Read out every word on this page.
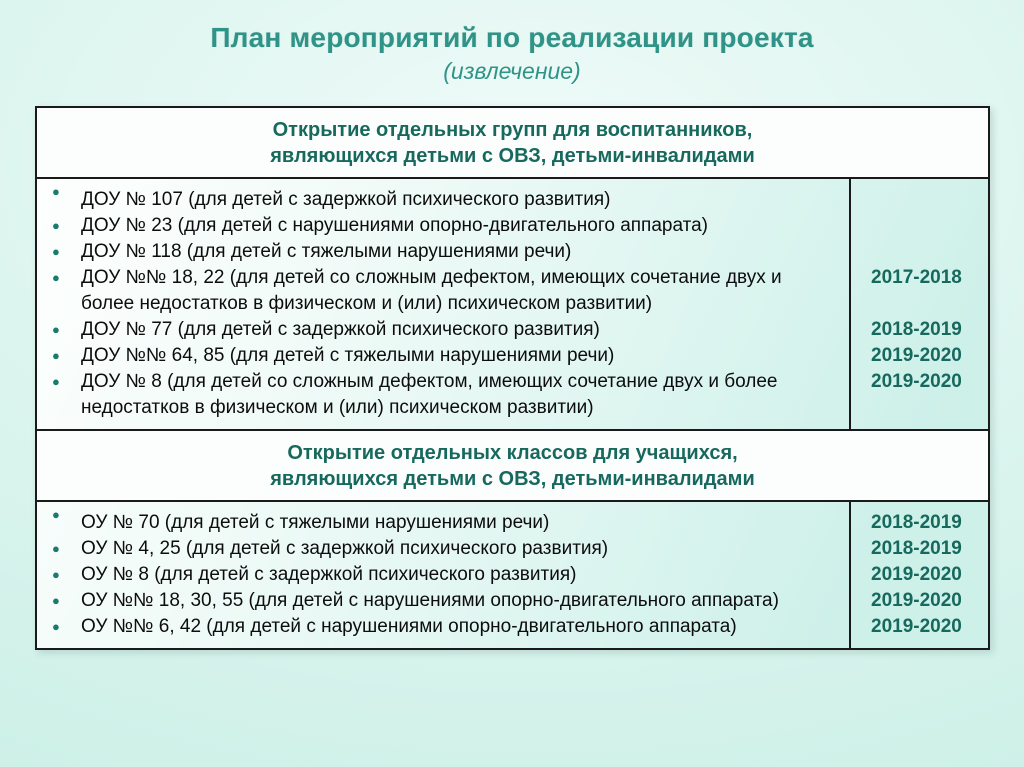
План мероприятий по реализации проекта
(извлечение)
Открытие отдельных групп для воспитанников,
являющихся детьми с ОВЗ, детьми-инвалидами
● ДОУ № 107 (для детей с задержкой психического развития)	

● ДОУ № 23 (для детей с нарушениями опорно-двигательного аппарата)	

● ДОУ № 118 (для детей с тяжелыми нарушениями речи)	

● ДОУ №№ 18, 22 (для детей со сложным дефектом, имеющих сочетание двух и более недостатков в физическом и (или) психическом развитии)	2017-2018

● ДОУ № 77 (для детей с задержкой психического развития)	2018-2019

● ДОУ №№ 64, 85 (для детей с тяжелыми нарушениями речи)	2019-2020

● ДОУ № 8 (для детей со сложным дефектом, имеющих сочетание двух и более недостатков в физическом и (или) психическом развитии)	2019-2020
Открытие отдельных классов для учащихся,
являющихся детьми с ОВЗ, детьми-инвалидами
● ОУ № 70 (для детей с тяжелыми нарушениями речи)	2018-2019

● ОУ № 4, 25 (для детей с задержкой психического развития)	2018-2019

● ОУ № 8 (для детей с задержкой психического развития)	2019-2020

● ОУ №№ 18, 30, 55 (для детей с нарушениями опорно-двигательного аппарата)	2019-2020

● ОУ №№ 6, 42 (для детей с нарушениями опорно-двигательного аппарата)	2019-2020
